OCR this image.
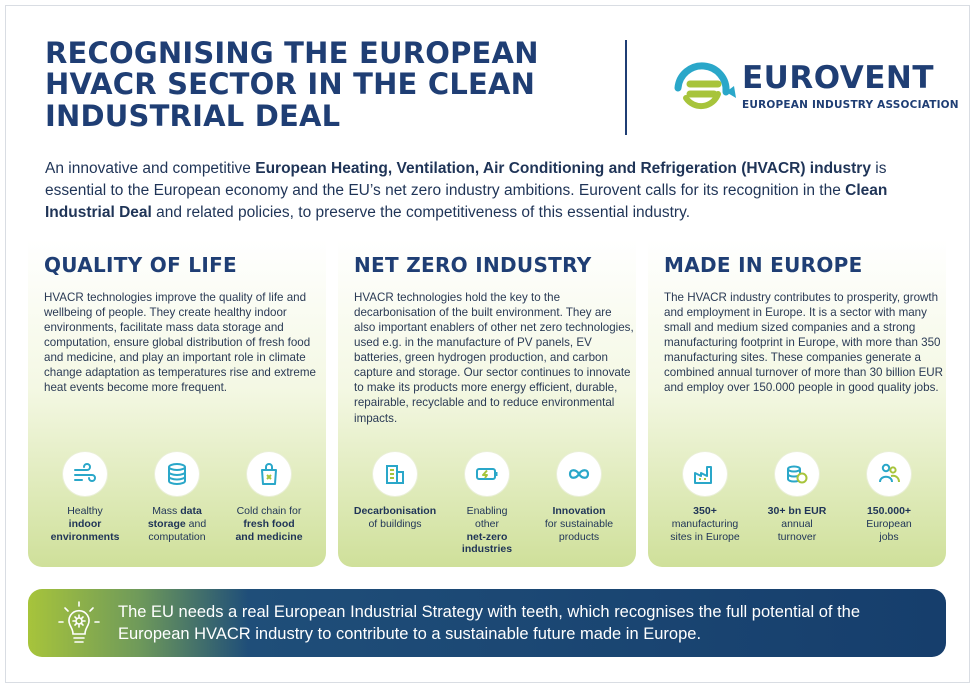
RECOGNISING THE EUROPEAN HVACR SECTOR IN THE CLEAN INDUSTRIAL DEAL
EUROVENT
EUROPEAN INDUSTRY ASSOCIATION

An innovative and competitive European Heating, Ventilation, Air Conditioning and Refrigeration (HVACR) industry is essential to the European economy and the EU’s net zero industry ambitions. Eurovent calls for its recognition in the Clean Industrial Deal and related policies, to preserve the competitiveness of this essential industry.

QUALITY OF LIFE

HVACR technologies improve the quality of life and wellbeing of people. They create healthy indoor environments, facilitate mass data storage and computation, ensure global distribution of fresh food and medicine, and play an important role in climate change adaptation as temperatures rise and extreme heat events become more frequent.

Healthy
indoor
environments
Mass data
storage and
computation
Cold chain for
fresh food
and medicine
NET ZERO INDUSTRY

HVACR technologies hold the key to the decarbonisation of the built environment. They are also important enablers of other net zero technologies, used e.g. in the manufacture of PV panels, EV batteries, green hydrogen production, and carbon capture and storage. Our sector continues to innovate to make its products more energy efficient, durable, repairable, recyclable and to reduce environmental impacts.

Decarbonisation
of buildings
Enabling
other
net-zero
industries
Innovation
for sustainable
products
MADE IN EUROPE

The HVACR industry contributes to prosperity, growth and employment in Europe. It is a sector with many small and medium sized companies and a strong manufacturing footprint in Europe, with more than 350 manufacturing sites. These companies generate a combined annual turnover of more than 30 billion EUR and employ over 150.000 people in good quality jobs.

350+
manufacturing
sites in Europe
30+ bn EUR
annual
turnover
150.000+
European
jobs

The EU needs a real European Industrial Strategy with teeth, which recognises the full potential of the European HVACR industry to contribute to a sustainable future made in Europe.
